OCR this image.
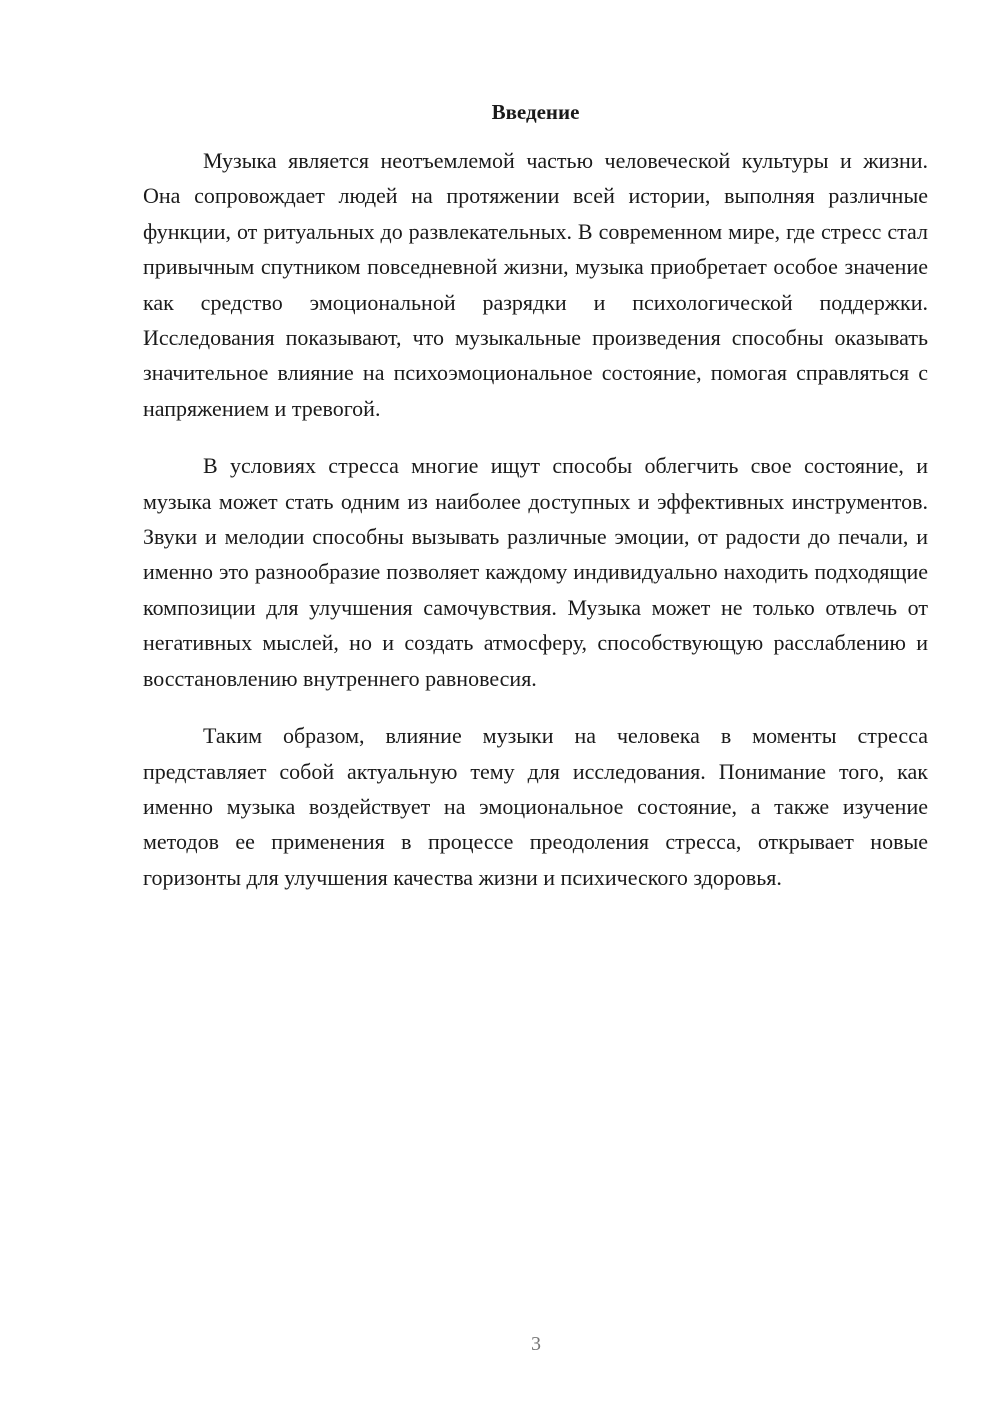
Введение

Музыка является неотъемлемой частью человеческой культуры и жизни. Она сопровождает людей на протяжении всей истории, выполняя различные функции, от ритуальных до развлекательных. В современном мире, где стресс стал привычным спутником повседневной жизни, музыка приобретает особое значение как средство эмоциональной разрядки и психологической поддержки. Исследования показывают, что музыкальные произведения способны оказывать значительное влияние на психоэмоциональное состояние, помогая справляться с напряжением и тревогой.

В условиях стресса многие ищут способы облегчить свое состояние, и музыка может стать одним из наиболее доступных и эффективных инструментов. Звуки и мелодии способны вызывать различные эмоции, от радости до печали, и именно это разнообразие позволяет каждому индивидуально находить подходящие композиции для улучшения самочувствия. Музыка может не только отвлечь от негативных мыслей, но и создать атмосферу, способствующую расслаблению и восстановлению внутреннего равновесия.

Таким образом, влияние музыки на человека в моменты стресса представляет собой актуальную тему для исследования. Понимание того, как именно музыка воздействует на эмоциональное состояние, а также изучение методов ее применения в процессе преодоления стресса, открывает новые горизонты для улучшения качества жизни и психического здоровья.

3
